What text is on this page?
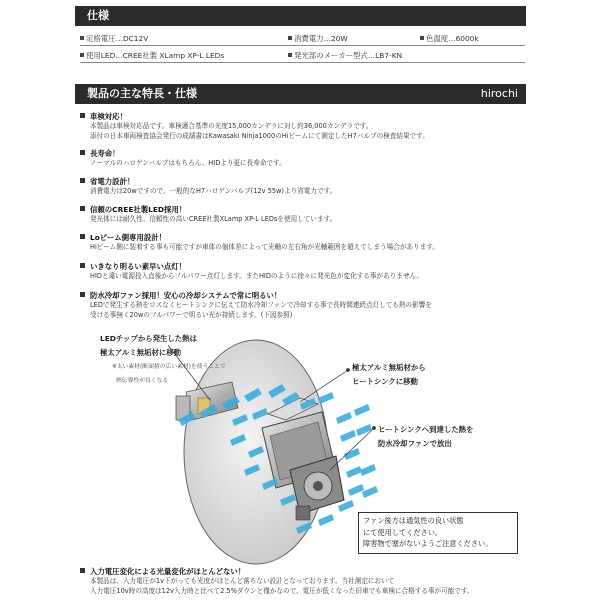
仕様
定格電圧…DC12V	消費電力…20W	色温度…6000k
使用LED…CREE社製 XLamp XP-L LEDs	発光部のメーカー型式…LB7-KN
製品の主な特長・仕様	hirochi
車検対応！
本製品は車検対応品です。車検適合基準の光度15,000カンデラに対し約36,000カンデラです。
添付の日本車両検査協会発行の成績書はKawasaki Ninja1000のHiビームにて測定したH7バルブの検査結果です。
長寿命！
ノーマルのハロゲンバルブはもちろん、HIDより更に長寿命です。
省電力設計！
消費電力は20wですので、一般的なH7ハロゲンバルブ(12v 55w)より省電力です。
信頼のCREE社製LED採用！
発光体には耐久性、信頼性の高いCREE社製XLamp XP-L LEDsを使用しています。
Loビーム側専用設計！
Hiビーム側に装着する事も可能ですが車体の個体差によって光軸の左右角が光軸範囲を超えてしまう場合があります。
いきなり明るい素早い点灯！
HIDと違い電源投入直後からフルパワー点灯します。またHIDのように徐々に発光色が変化する事がありません。
防水冷却ファン採用！安心の冷却システムで常に明るい！
LEDで発生する熱をロスなくヒートシンクに伝えて防水冷却ファンで冷却する事で長時間連続点灯しても熱の影響を
受ける事無く20wのフルパワーで明るい光が持続します。(下図参照)
LEDチップから発生した熱は
極太アルミ無垢材に移動
※太い素材(断面積の広い素材)を使うことで
熱伝導性が良くなる
極太アルミ無垢材から
ヒートシンクに移動
ヒートシンクへ到達した熱を
防水冷却ファンで放出
ファン後方は通気性の良い状態
にて使用してください。
障害物で塞がないようご注意ください。
入力電圧変化による光量変化がほとんどない！
本製品は、入力電圧が1v下がっても光度がほとんど落ちない設計となっております。当社測定において
入力電圧10v時の高度は12v入力時と比べて2.5%ダウンと僅かなので、電圧が低くなった旧車でも車検に合格する事が可能です。
